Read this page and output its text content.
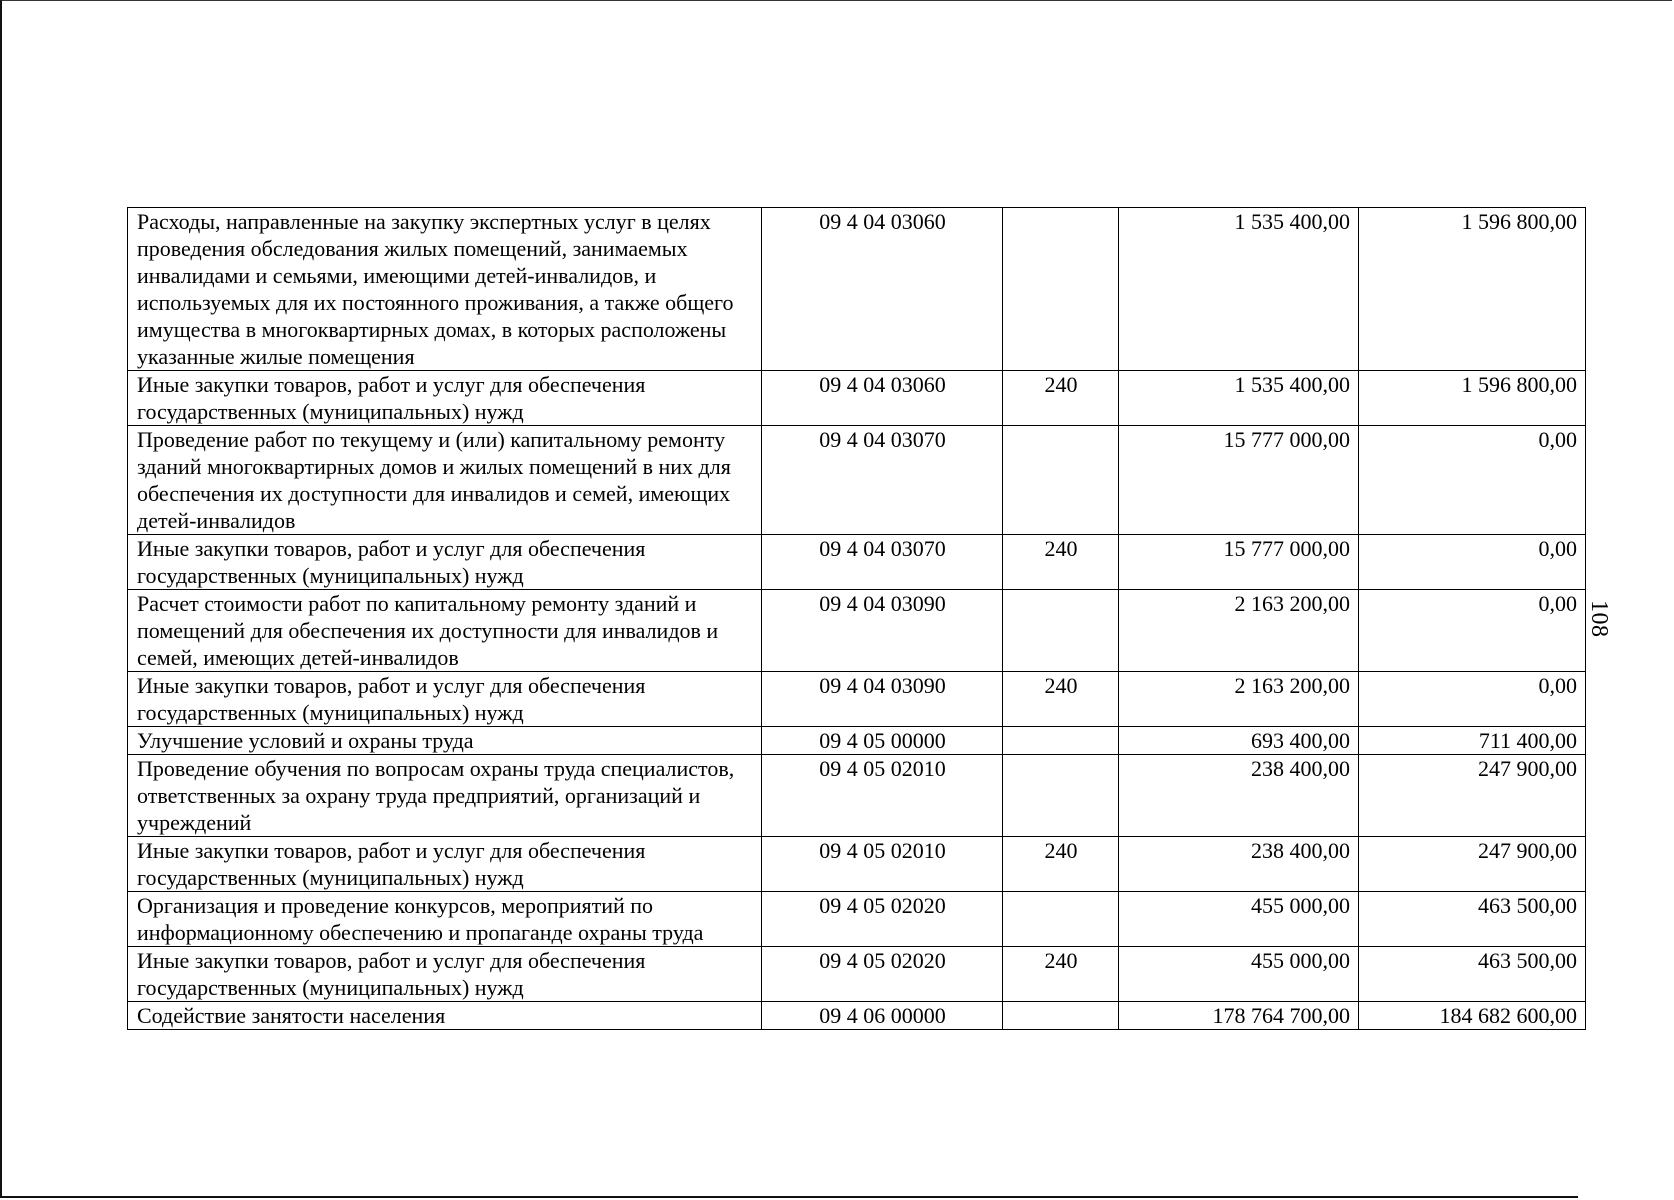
108
Расходы, направленные на закупку экспертных услуг в целях проведения обследования жилых помещений, занимаемых инвалидами и семьями, имеющими детей-инвалидов, и используемых для их постоянного проживания, а также общего имущества в многоквартирных домах, в которых расположены указанные жилые помещения	09 4 04 03060		1 535 400,00	1 596 800,00
Иные закупки товаров, работ и услуг для обеспечения государственных (муниципальных) нужд	09 4 04 03060	240	1 535 400,00	1 596 800,00
Проведение работ по текущему и (или) капитальному ремонту зданий многоквартирных домов и жилых помещений в них для обеспечения их доступности для инвалидов и семей, имеющих детей-инвалидов	09 4 04 03070		15 777 000,00	0,00
Иные закупки товаров, работ и услуг для обеспечения государственных (муниципальных) нужд	09 4 04 03070	240	15 777 000,00	0,00
Расчет стоимости работ по капитальному ремонту зданий и помещений для обеспечения их доступности для инвалидов и семей, имеющих детей-инвалидов	09 4 04 03090		2 163 200,00	0,00
Иные закупки товаров, работ и услуг для обеспечения государственных (муниципальных) нужд	09 4 04 03090	240	2 163 200,00	0,00
Улучшение условий и охраны труда	09 4 05 00000		693 400,00	711 400,00
Проведение обучения по вопросам охраны труда специалистов, ответственных за охрану труда предприятий, организаций и учреждений	09 4 05 02010		238 400,00	247 900,00
Иные закупки товаров, работ и услуг для обеспечения государственных (муниципальных) нужд	09 4 05 02010	240	238 400,00	247 900,00
Организация и проведение конкурсов, мероприятий по информационному обеспечению и пропаганде охраны труда	09 4 05 02020		455 000,00	463 500,00
Иные закупки товаров, работ и услуг для обеспечения государственных (муниципальных) нужд	09 4 05 02020	240	455 000,00	463 500,00
Содействие занятости населения	09 4 06 00000		178 764 700,00	184 682 600,00
